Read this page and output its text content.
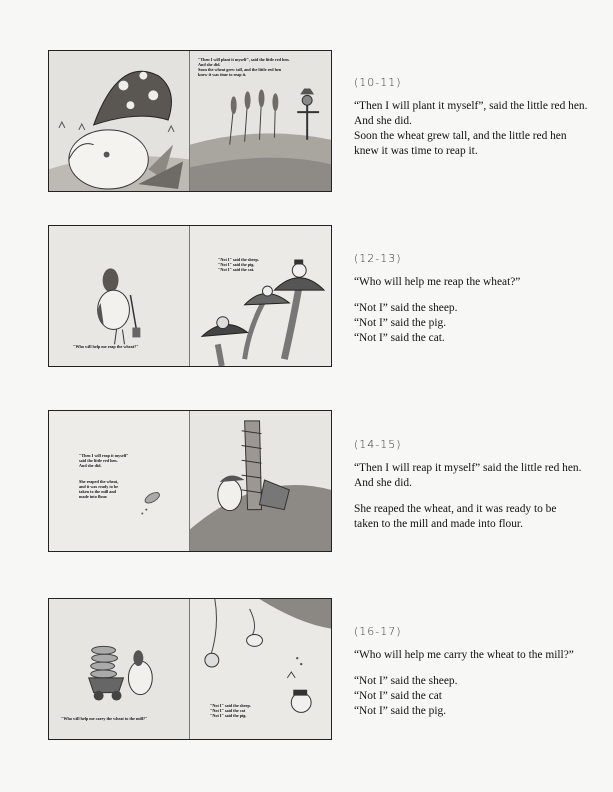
"Then I will plant it myself", said the little red hen.
And she did.
Soon the wheat grew tall, and the little red hen
knew it was time to reap it.
(10-11)
“Then I will plant it myself”, said the little red hen.
And she did.
Soon the wheat grew tall, and the little red hen
knew it was time to reap it.
"Who will help me reap the wheat?"
"Not I" said the sheep.
"Not I" said the pig.
"Not I" said the cat.
(12-13)
“Who will help me reap the wheat?”
“Not I” said the sheep.
“Not I” said the pig.
“Not I” said the cat.
"Then I will reap it myself"
said the little red hen.
And she did.
She reaped the wheat,
and it was ready to be
taken to the mill and
made into flour.
(14-15)
“Then I will reap it myself” said the little red hen.
And she did.
She reaped the wheat, and it was ready to be
taken to the mill and made into flour.
"Who will help me carry the wheat to the mill?"
"Not I" said the sheep.
"Not I" said the cat
"Not I" said the pig.
(16-17)
“Who will help me carry the wheat to the mill?”
“Not I” said the sheep.
“Not I” said the cat
“Not I” said the pig.
